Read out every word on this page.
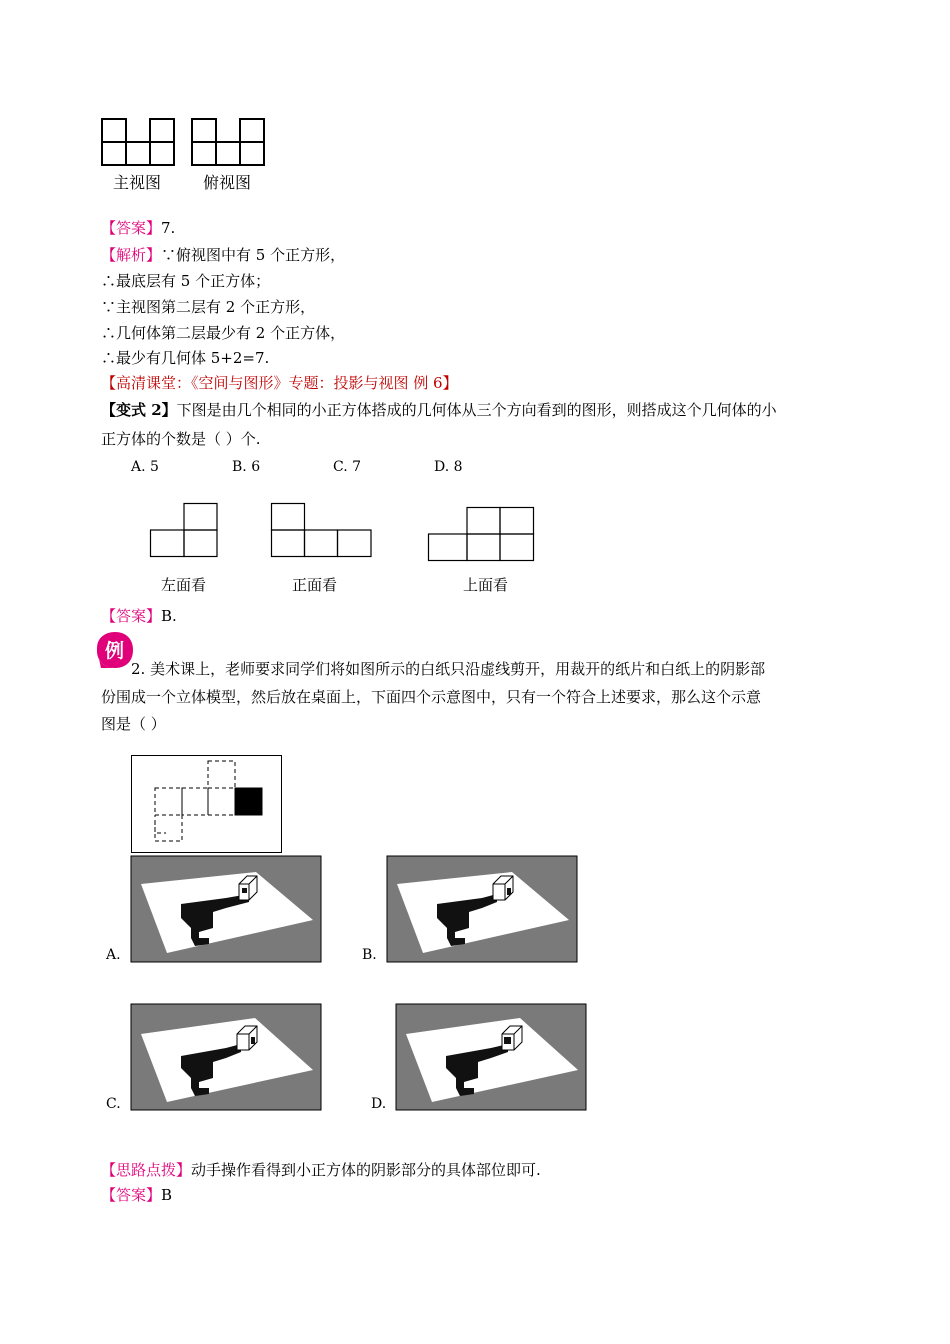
主视图	俯视图
【答案】7.
【解析】∵俯视图中有 5 个正方形，
∴最底层有 5 个正方体；
∵主视图第二层有 2 个正方形，
∴几何体第二层最少有 2 个正方体，
∴最少有几何体 5+2=7.
【高清课堂：《空间与图形》专题：投影与视图 例 6】
【变式 2】下图是由几个相同的小正方体搭成的几何体从三个方向看到的图形，则搭成这个几何体的小
正方体的个数是（ ）个.
A. 5	B. 6	C. 7	D. 8
左面看	正面看	上面看
【答案】B.
例
2. 美术课上，老师要求同学们将如图所示的白纸只沿虚线剪开，用裁开的纸片和白纸上的阴影部
份围成一个立体模型，然后放在桌面上，下面四个示意图中，只有一个符合上述要求，那么这个示意
图是（ ）
A.	B.
C.	D.
【思路点拨】动手操作看得到小正方体的阴影部分的具体部位即可.
【答案】B
